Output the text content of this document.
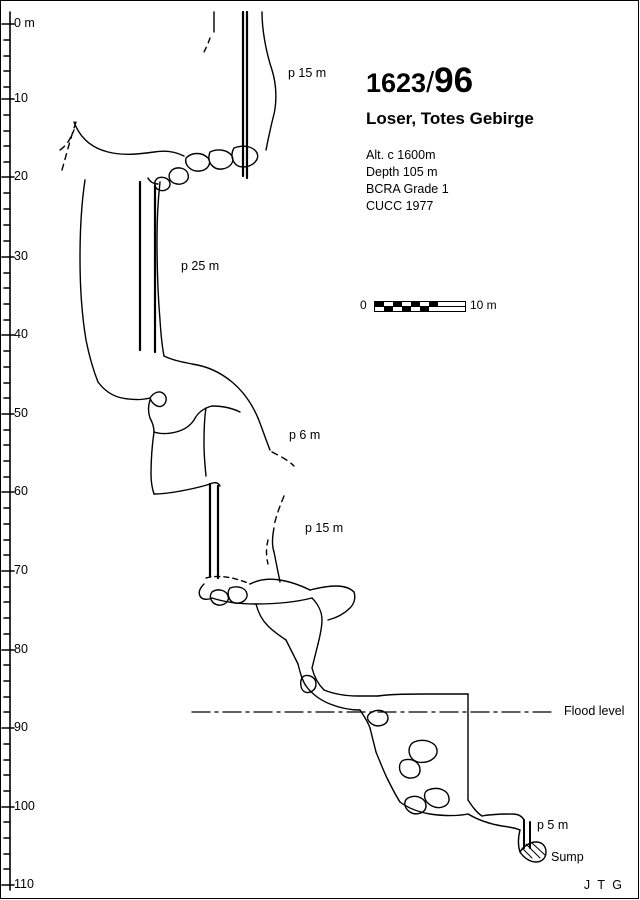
0 m
10
20
30
40
50
60
70
80
90
100
110
1623/96
Loser, Totes Gebirge
Alt. c 1600m
Depth 105 m
BCRA Grade 1
CUCC 1977
0	10 m
p 15 m
p 25 m
p 6 m
p 15 m
p 5 m
Flood level
Sump
J T G
